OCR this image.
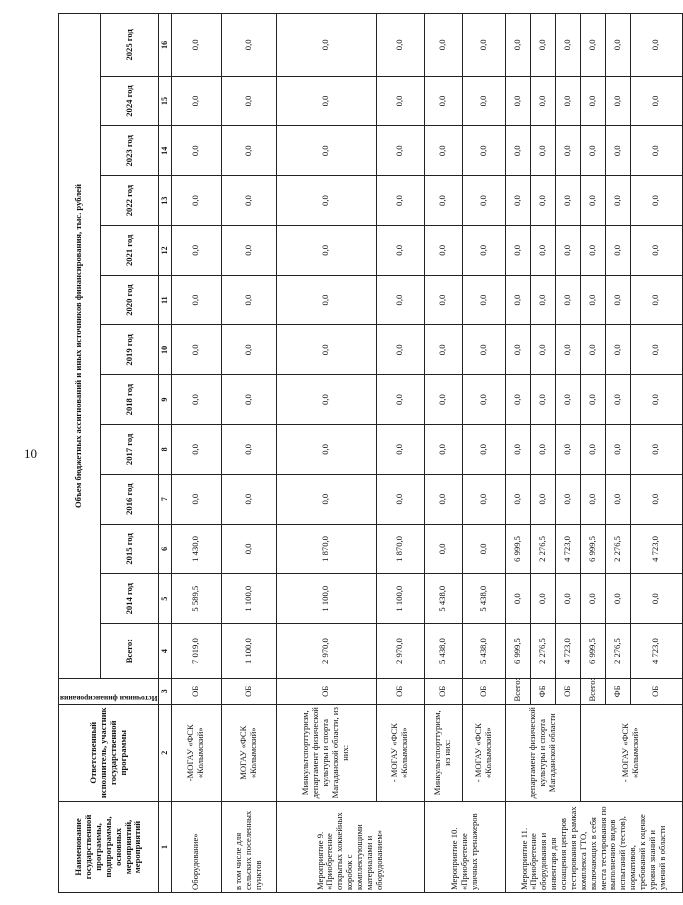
10
Наименование государственной программы, подпрограммы, основных мероприятий, мероприятий	Ответственный исполнитель, участник государственной программы	Источники финансирования	Объем бюджетных ассигнований и иных источников финансирования, тыс. рублей												
			Всего:	2014 год	2015 год	2016 год	2017 год	2018 год	2019 год	2020 год	2021 год	2022 год	2023 год	2024 год	2025 год
1	2	3	4	5	6	7	8	9	10	11	12	13	14	15	16
Оборудование»	-МОГАУ «ФСК «Колымский»	ОБ	7 019,0	5 589,5	1 430,0	0,0	0,0	0,0	0,0	0,0	0,0	0,0	0,0	0,0	0,0
в том числе для сельских поселенных пунктов	МОГАУ «ФСК «Колымский»	ОБ	1 100,0	1 100,0	0,0	0,0	0,0	0,0	0,0	0,0	0,0	0,0	0,0	0,0	0,0
Мероприятие 9. «Приобретение открытых хоккейных коробок с комплектующими материалами и оборудованием»	Минкультспорттуризм, департамент физической культуры и спорта Магаданской области, из них:	ОБ	2 970,0	1 100,0	1 870,0	0,0	0,0	0,0	0,0	0,0	0,0	0,0	0,0	0,0	0,0
	- МОГАУ «ФСК «Колымский»	ОБ	2 970,0	1 100,0	1 870,0	0,0	0,0	0,0	0,0	0,0	0,0	0,0	0,0	0,0	0,0
Мероприятие 10. «Приобретение уличных тренажеров	Минкультспорттуризм, из них:	ОБ	5 438,0	5 438,0	0,0	0,0	0,0	0,0	0,0	0,0	0,0	0,0	0,0	0,0	0,0
	- МОГАУ «ФСК «Колымский»	ОБ	5 438,0	5 438,0	0,0	0,0	0,0	0,0	0,0	0,0	0,0	0,0	0,0	0,0	0,0
Мероприятие 11. «Приобретение оборудования и инвентаря для оснащения центров тестирования в рамках комплекса ГТО, включающих в себя места тестирования по выполнению видов испытаний (тестов), нормативов, требований к оценке уровня знаний и умений в области	департамент физической культуры и спорта Магаданской области	Всего:	6 999,5	0,0	6 999,5	0,0	0,0	0,0	0,0	0,0	0,0	0,0	0,0	0,0	0,0
		ФБ	2 276,5	0,0	2 276,5	0,0	0,0	0,0	0,0	0,0	0,0	0,0	0,0	0,0	0,0
		ОБ	4 723,0	0,0	4 723,0	0,0	0,0	0,0	0,0	0,0	0,0	0,0	0,0	0,0	0,0
	- МОГАУ «ФСК «Колымский»	Всего:	6 999,5	0,0	6 999,5	0,0	0,0	0,0	0,0	0,0	0,0	0,0	0,0	0,0	0,0
		ФБ	2 276,5	0,0	2 276,5	0,0	0,0	0,0	0,0	0,0	0,0	0,0	0,0	0,0	0,0
		ОБ	4 723,0	0,0	4 723,0	0,0	0,0	0,0	0,0	0,0	0,0	0,0	0,0	0,0	0,0
